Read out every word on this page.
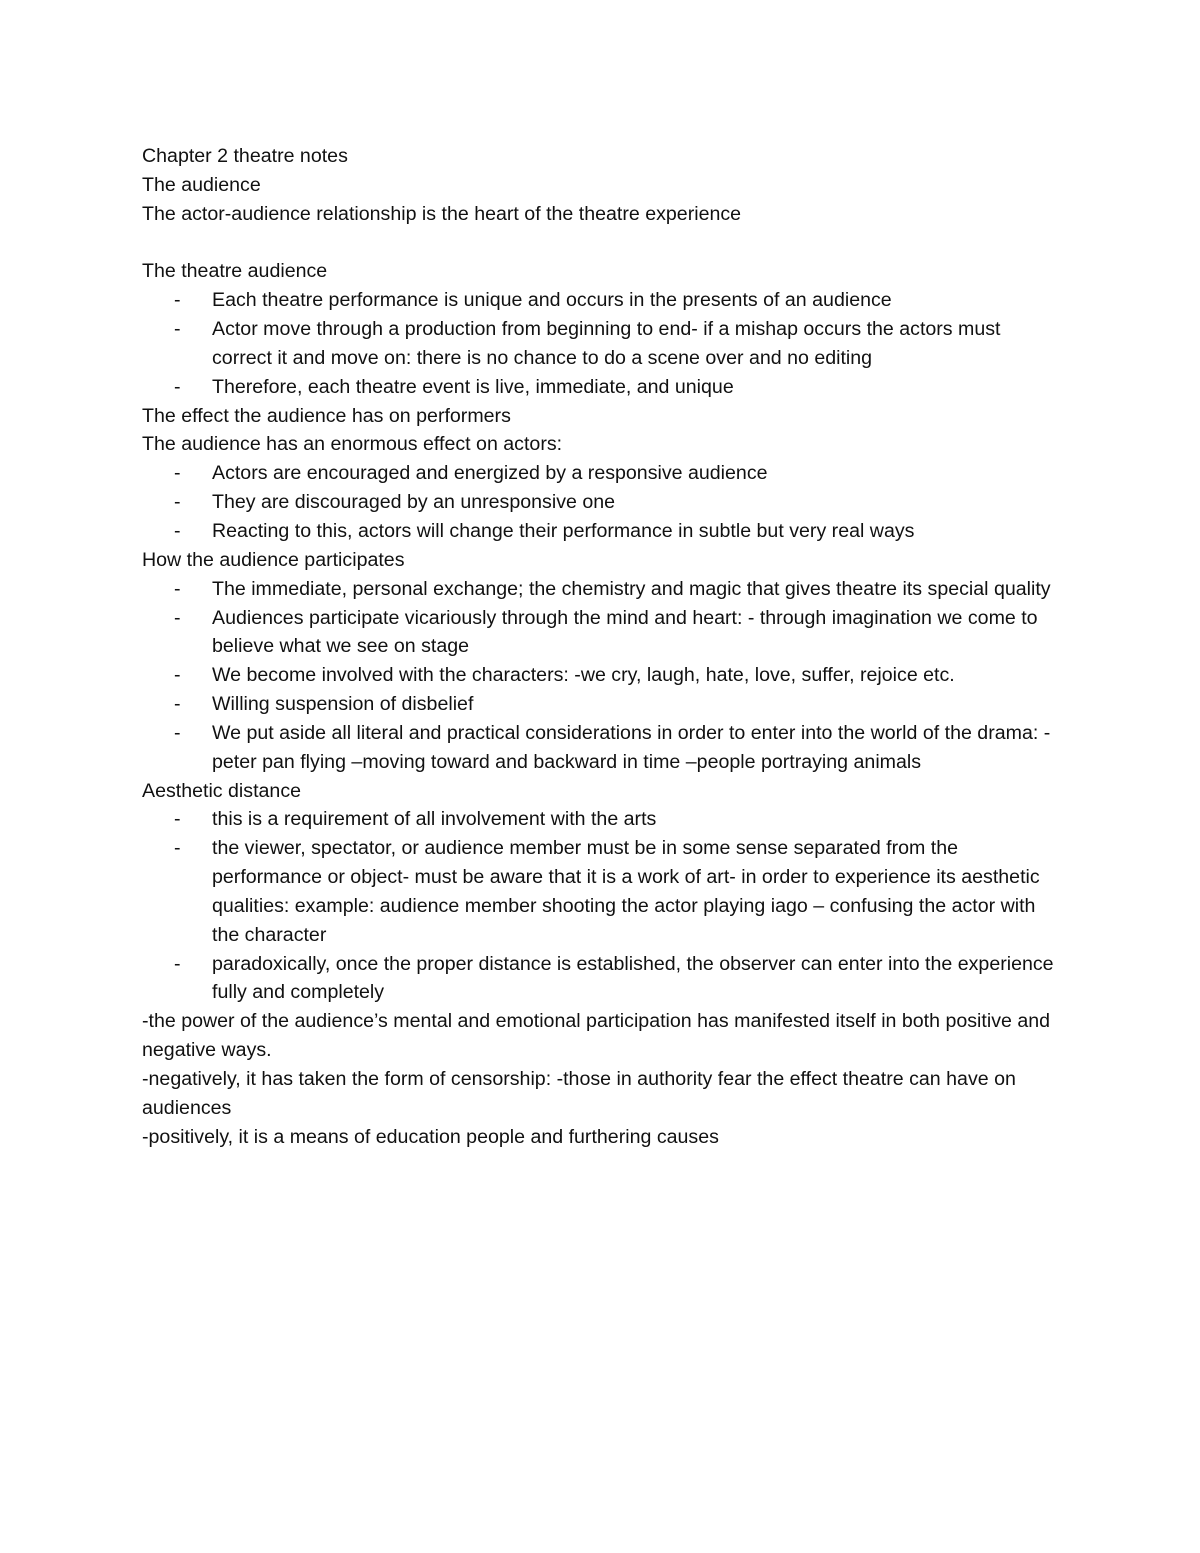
Chapter 2 theatre notes

The audience

The actor-audience relationship is the heart of the theatre experience

The theatre audience

- Each theatre performance is unique and occurs in the presents of an audience
- Actor move through a production from beginning to end- if a mishap occurs the actors must correct it and move on: there is no chance to do a scene over and no editing
- Therefore, each theatre event is live, immediate, and unique

The effect the audience has on performers

The audience has an enormous effect on actors:

- Actors are encouraged and energized by a responsive audience
- They are discouraged by an unresponsive one
- Reacting to this, actors will change their performance in subtle but very real ways

How the audience participates

- The immediate, personal exchange; the chemistry and magic that gives theatre its special quality
- Audiences participate vicariously through the mind and heart: - through imagination we come to believe what we see on stage
- We become involved with the characters: -we cry, laugh, hate, love, suffer, rejoice etc.
- Willing suspension of disbelief
- We put aside all literal and practical considerations in order to enter into the world of the drama: -peter pan flying –moving toward and backward in time –people portraying animals

Aesthetic distance

- this is a requirement of all involvement with the arts
- the viewer, spectator, or audience member must be in some sense separated from the performance or object- must be aware that it is a work of art- in order to experience its aesthetic qualities: example: audience member shooting the actor playing iago – confusing the actor with the character
- paradoxically, once the proper distance is established, the observer can enter into the experience fully and completely

-the power of the audience’s mental and emotional participation has manifested itself in both positive and negative ways.

-negatively, it has taken the form of censorship: -those in authority fear the effect theatre can have on audiences

-positively, it is a means of education people and furthering causes
